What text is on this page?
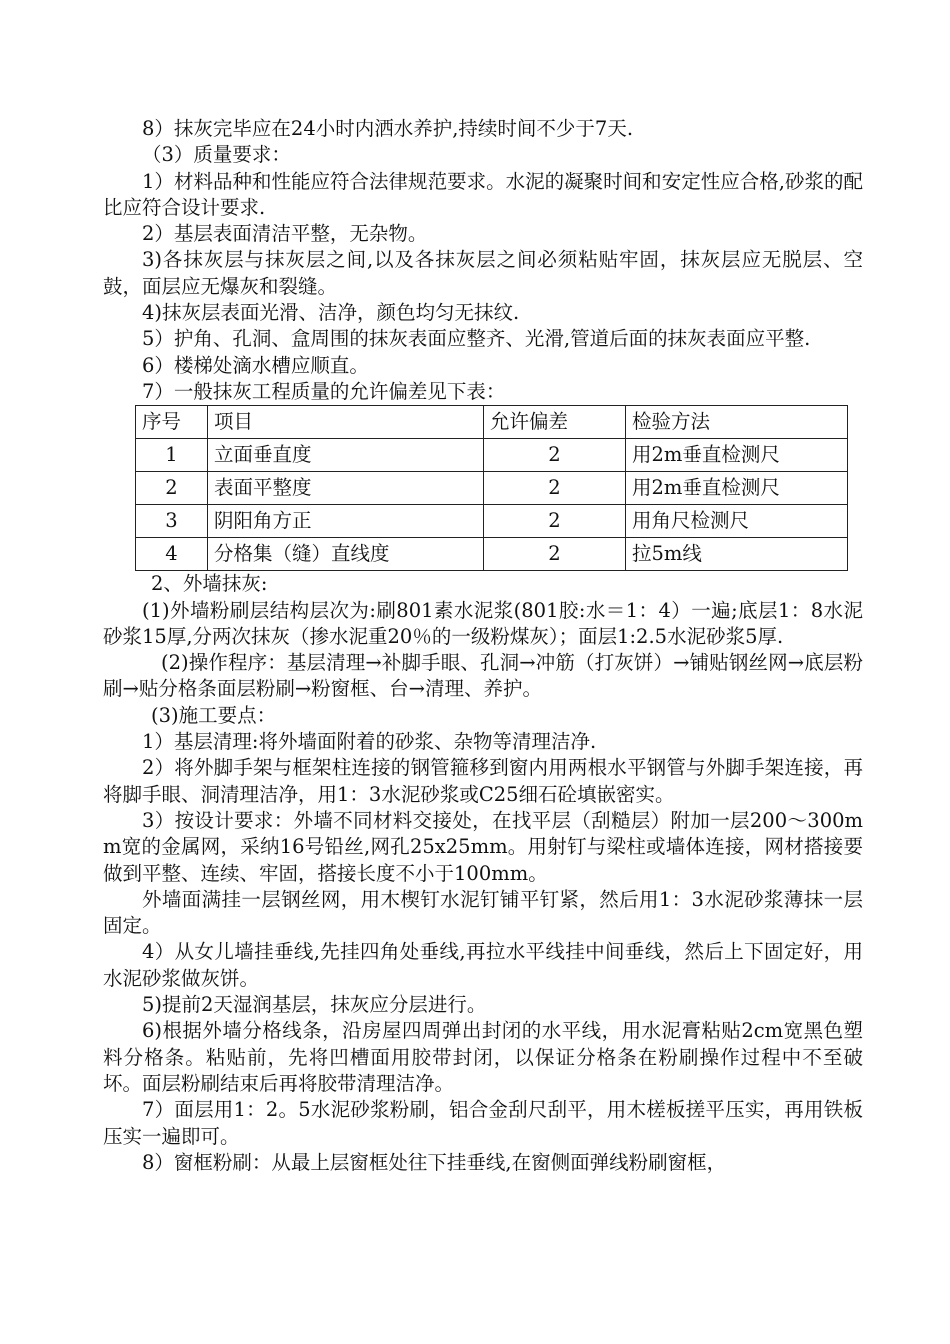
8）抹灰完毕应在24小时内洒水养护,持续时间不少于7天.

（3）质量要求：

1）材料品种和性能应符合法律规范要求。水泥的凝聚时间和安定性应合格,砂浆的配比应符合设计要求.

2）基层表面清洁平整，无杂物。

3)各抹灰层与抹灰层之间,以及各抹灰层之间必须粘贴牢固，抹灰层应无脱层、空鼓，面层应无爆灰和裂缝。

4)抹灰层表面光滑、洁净，颜色均匀无抹纹.

5）护角、孔洞、盒周围的抹灰表面应整齐、光滑,管道后面的抹灰表面应平整.

6）楼梯处滴水槽应顺直。

7）一般抹灰工程质量的允许偏差见下表：

序号	项目	允许偏差	检验方法
1	立面垂直度	2	用2m垂直检测尺
2	表面平整度	2	用2m垂直检测尺
3	阴阳角方正	2	用角尺检测尺
4	分格集（缝）直线度	2	拉5m线

2、外墙抹灰:

(1)外墙粉刷层结构层次为:刷801素水泥浆(801胶:水＝1：4）一遍;底层1：8水泥砂浆15厚,分两次抹灰（掺水泥重20％的一级粉煤灰）；面层1:2.5水泥砂浆5厚.

(2)操作程序：基层清理→补脚手眼、孔洞→冲筋（打灰饼）→铺贴钢丝网→底层粉刷→贴分格条面层粉刷→粉窗框、台→清理、养护。

(3)施工要点：

1）基层清理:将外墙面附着的砂浆、杂物等清理洁净.

2）将外脚手架与框架柱连接的钢管箍移到窗内用两根水平钢管与外脚手架连接，再将脚手眼、洞清理洁净，用1：3水泥砂浆或C25细石砼填嵌密实。

3）按设计要求：外墙不同材料交接处，在找平层（刮糙层）附加一层200～300mm宽的金属网，采纳16号铅丝,网孔25x25mm。用射钉与梁柱或墙体连接，网材搭接要做到平整、连续、牢固，搭接长度不小于100mm。

外墙面满挂一层钢丝网，用木楔钉水泥钉铺平钉紧，然后用1：3水泥砂浆薄抹一层固定。

4）从女儿墙挂垂线,先挂四角处垂线,再拉水平线挂中间垂线，然后上下固定好，用水泥砂浆做灰饼。

5)提前2天湿润基层，抹灰应分层进行。

6)根据外墙分格线条，沿房屋四周弹出封闭的水平线，用水泥膏粘贴2cm宽黑色塑料分格条。粘贴前，先将凹槽面用胶带封闭，以保证分格条在粉刷操作过程中不至破坏。面层粉刷结束后再将胶带清理洁净。

7）面层用1：2。5水泥砂浆粉刷，铝合金刮尺刮平，用木槎板搓平压实，再用铁板压实一遍即可。

8）窗框粉刷：从最上层窗框处往下挂垂线,在窗侧面弹线粉刷窗框，
